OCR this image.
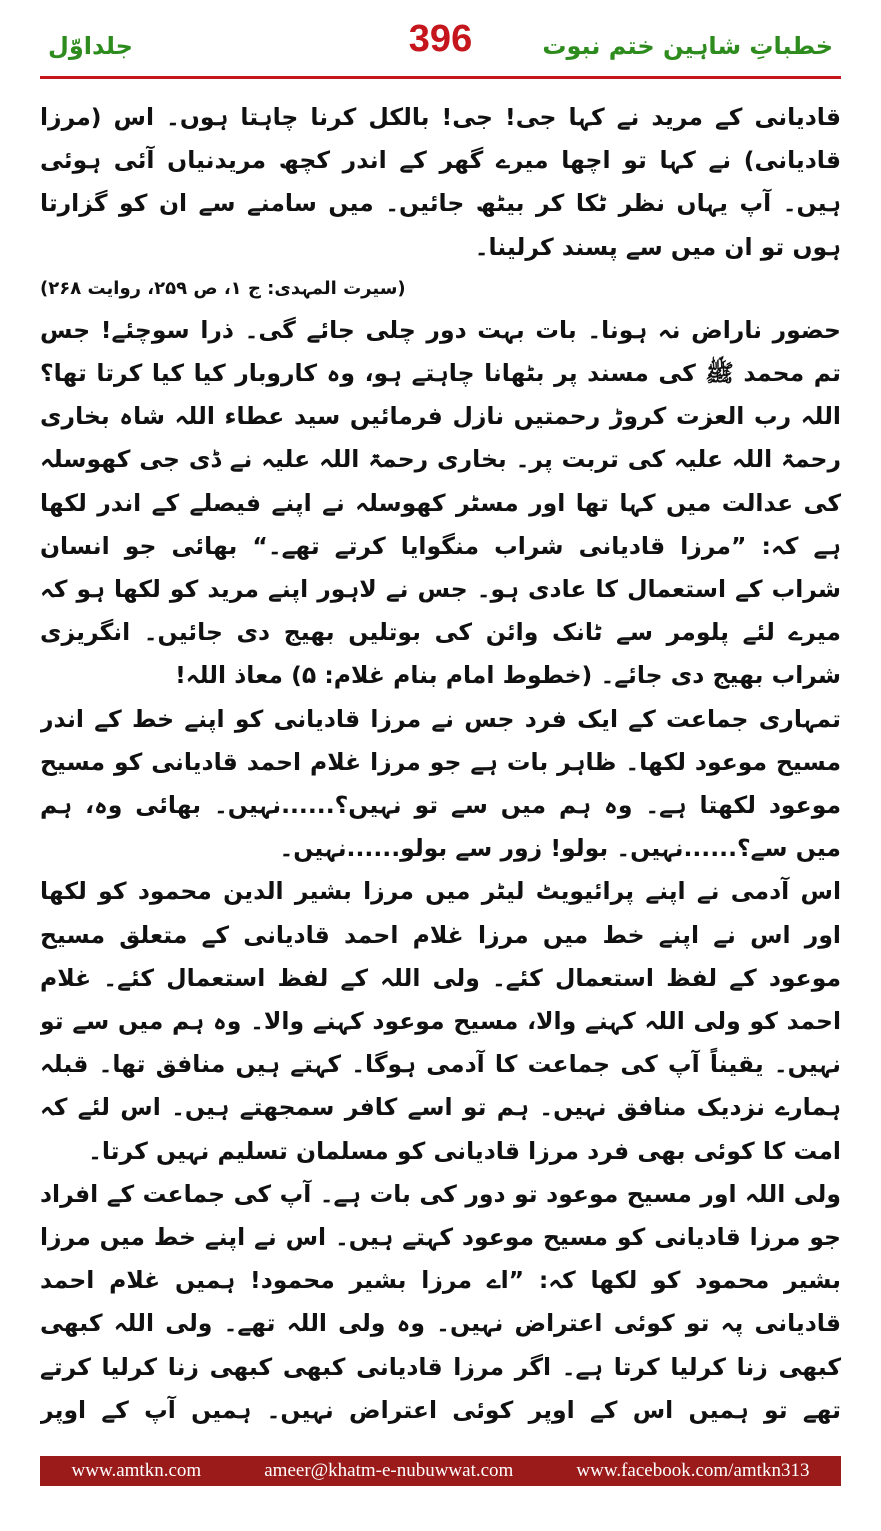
جلداوّل	396	خطباتِ شاہین ختم نبوت

قادیانی کے مرید نے کہا جی! جی! بالکل کرنا چاہتا ہوں۔ اس (مرزا قادیانی) نے کہا تو اچھا میرے گھر کے اندر کچھ مریدنیاں آئی ہوئی ہیں۔ آپ یہاں نظر ٹکا کر بیٹھ جائیں۔ میں سامنے سے ان کو گزارتا ہوں تو ان میں سے پسند کرلینا۔

(سیرت المہدی: ج ۱، ص ۲۵۹، روایت ۲۶۸)

حضور ناراض نہ ہونا۔ بات بہت دور چلی جائے گی۔ ذرا سوچئے! جس تم محمد ﷺ کی مسند پر بٹھانا چاہتے ہو، وہ کاروبار کیا کیا کرتا تھا؟ اللہ رب العزت کروڑ رحمتیں نازل فرمائیں سید عطاء اللہ شاہ بخاری رحمۃ اللہ علیہ کی تربت پر۔ بخاری رحمۃ اللہ علیہ نے ڈی جی کھوسلہ کی عدالت میں کہا تھا اور مسٹر کھوسلہ نے اپنے فیصلے کے اندر لکھا ہے کہ: ”مرزا قادیانی شراب منگوایا کرتے تھے۔“ بھائی جو انسان شراب کے استعمال کا عادی ہو۔ جس نے لاہور اپنے مرید کو لکھا ہو کہ میرے لئے پلومر سے ٹانک وائن کی بوتلیں بھیج دی جائیں۔ انگریزی شراب بھیج دی جائے۔ (خطوط امام بنام غلام: ۵) معاذ اللہ!

تمہاری جماعت کے ایک فرد جس نے مرزا قادیانی کو اپنے خط کے اندر مسیح موعود لکھا۔ ظاہر بات ہے جو مرزا غلام احمد قادیانی کو مسیح موعود لکھتا ہے۔ وہ ہم میں سے تو نہیں؟......نہیں۔ بھائی وہ، ہم میں سے؟......نہیں۔ بولو! زور سے بولو......نہیں۔

اس آدمی نے اپنے پرائیویٹ لیٹر میں مرزا بشیر الدین محمود کو لکھا اور اس نے اپنے خط میں مرزا غلام احمد قادیانی کے متعلق مسیح موعود کے لفظ استعمال کئے۔ ولی اللہ کے لفظ استعمال کئے۔ غلام احمد کو ولی اللہ کہنے والا، مسیح موعود کہنے والا۔ وہ ہم میں سے تو نہیں۔ یقیناً آپ کی جماعت کا آدمی ہوگا۔ کہتے ہیں منافق تھا۔ قبلہ ہمارے نزدیک منافق نہیں۔ ہم تو اسے کافر سمجھتے ہیں۔ اس لئے کہ امت کا کوئی بھی فرد مرزا قادیانی کو مسلمان تسلیم نہیں کرتا۔

ولی اللہ اور مسیح موعود تو دور کی بات ہے۔ آپ کی جماعت کے افراد جو مرزا قادیانی کو مسیح موعود کہتے ہیں۔ اس نے اپنے خط میں مرزا بشیر محمود کو لکھا کہ: ”اے مرزا بشیر محمود! ہمیں غلام احمد قادیانی پہ تو کوئی اعتراض نہیں۔ وہ ولی اللہ تھے۔ ولی اللہ کبھی کبھی زنا کرلیا کرتا ہے۔ اگر مرزا قادیانی کبھی کبھی زنا کرلیا کرتے تھے تو ہمیں اس کے اوپر کوئی اعتراض نہیں۔ ہمیں آپ کے اوپر

www.amtkn.com	ameer@khatm-e-nubuwwat.com	www.facebook.com/amtkn313
